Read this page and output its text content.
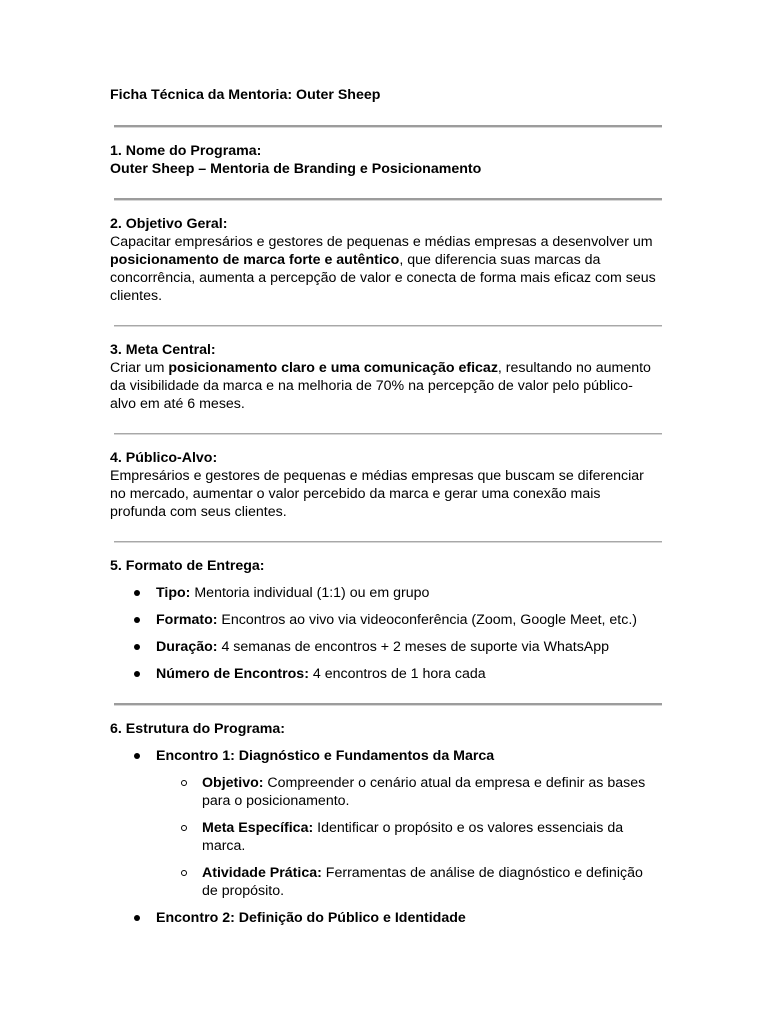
Ficha Técnica da Mentoria: Outer Sheep

1. Nome do Programa:

Outer Sheep – Mentoria de Branding e Posicionamento

2. Objetivo Geral:

Capacitar empresários e gestores de pequenas e médias empresas a desenvolver um posicionamento de marca forte e autêntico, que diferencia suas marcas da concorrência, aumenta a percepção de valor e conecta de forma mais eficaz com seus clientes.

3. Meta Central:

Criar um posicionamento claro e uma comunicação eficaz, resultando no aumento da visibilidade da marca e na melhoria de 70% na percepção de valor pelo público-alvo em até 6 meses.

4. Público-Alvo:

Empresários e gestores de pequenas e médias empresas que buscam se diferenciar no mercado, aumentar o valor percebido da marca e gerar uma conexão mais profunda com seus clientes.

5. Formato de Entrega:

Tipo: Mentoria individual (1:1) ou em grupo
Formato: Encontros ao vivo via videoconferência (Zoom, Google Meet, etc.)
Duração: 4 semanas de encontros + 2 meses de suporte via WhatsApp
Número de Encontros: 4 encontros de 1 hora cada

6. Estrutura do Programa:

Encontro 1: Diagnóstico e Fundamentos da Marca
Objetivo: Compreender o cenário atual da empresa e definir as bases para o posicionamento.
Meta Específica: Identificar o propósito e os valores essenciais da marca.
Atividade Prática: Ferramentas de análise de diagnóstico e definição de propósito.
Encontro 2: Definição do Público e Identidade
